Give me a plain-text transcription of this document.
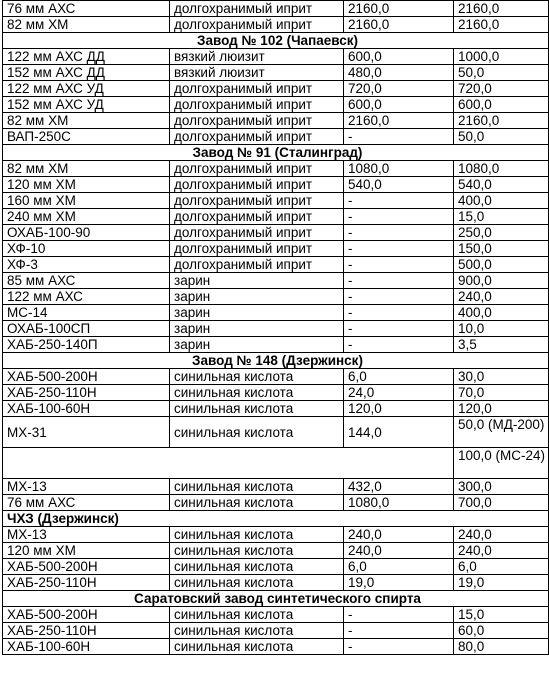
76 мм АХС	долгохранимый иприт	2160,0	2160,0
82 мм ХМ	долгохранимый иприт	2160,0	2160,0
Завод № 102 (Чапаевск)			
122 мм АХС ДД	вязкий люизит	600,0	1000,0
152 мм АХС ДД	вязкий люизит	480,0	50,0
122 мм АХС УД	долгохранимый иприт	720,0	720,0
152 мм АХС УД	долгохранимый иприт	600,0	600,0
82 мм ХМ	долгохранимый иприт	2160,0	2160,0
ВАП-250С	долгохранимый иприт	-	50,0
Завод № 91 (Сталинград)			
82 мм ХМ	долгохранимый иприт	1080,0	1080,0
120 мм ХМ	долгохранимый иприт	540,0	540,0
160 мм ХМ	долгохранимый иприт	-	400,0
240 мм ХМ	долгохранимый иприт	-	15,0
ОХАБ-100-90	долгохранимый иприт	-	250,0
ХФ-10	долгохранимый иприт	-	150,0
ХФ-3	долгохранимый иприт	-	500,0
85 мм АХС	зарин	-	900,0
122 мм АХС	зарин	-	240,0
МС-14	зарин	-	400,0
ОХАБ-100СП	зарин	-	10,0
ХАБ-250-140П	зарин	-	3,5
Завод № 148 (Дзержинск)			
ХАБ-500-200Н	синильная кислота	6,0	30,0
ХАБ-250-110Н	синильная кислота	24,0	70,0
ХАБ-100-60Н	синильная кислота	120,0	120,0
МХ-31	синильная кислота	144,0	50,0 (МД-200)
			100,0 (МС-24)
МХ-13	синильная кислота	432,0	300,0
76 мм АХС	синильная кислота	1080,0	700,0
ЧХЗ (Дзержинск)			
МХ-13	синильная кислота	240,0	240,0
120 мм ХМ	синильная кислота	240,0	240,0
ХАБ-500-200Н	синильная кислота	6,0	6,0
ХАБ-250-110Н	синильная кислота	19,0	19,0
Саратовский завод синтетического спирта			
ХАБ-500-200Н	синильная кислота	-	15,0
ХАБ-250-110Н	синильная кислота	-	60,0
ХАБ-100-60Н	синильная кислота	-	80,0
